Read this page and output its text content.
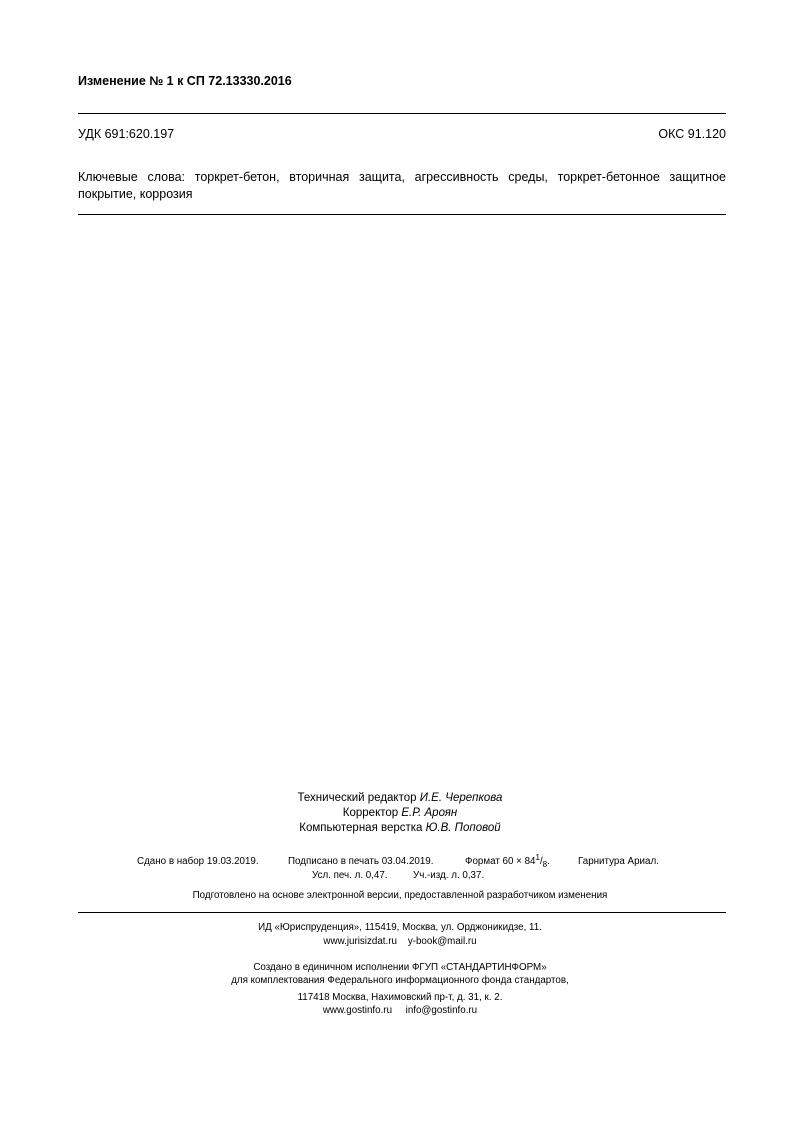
Изменение № 1 к СП 72.13330.2016
УДК 691:620.197	ОКС 91.120
Ключевые слова: торкрет-бетон, вторичная защита, агрессивность среды, торкрет-бетонное защитное покрытие, коррозия
Технический редактор И.Е. Черепкова
Корректор Е.Р. Ароян
Компьютерная верстка Ю.В. Поповой
Сдано в набор 19.03.2019.	Подписано в печать 03.04.2019.	Формат $60 \times 84^1/_8$.	Гарнитура Ариал.
Усл. печ. л. 0,47.	Уч.-изд. л. 0,37.
Подготовлено на основе электронной версии, предоставленной разработчиком изменения
ИД «Юриспруденция», 115419, Москва, ул. Орджоникидзе, 11.
www.jurisizdat.ru y-book@mail.ru
Создано в единичном исполнении ФГУП «СТАНДАРТИНФОРМ»
для комплектования Федерального информационного фонда стандартов,
117418 Москва, Нахимовский пр-т, д. 31, к. 2.
www.gostinfo.ru info@gostinfo.ru
